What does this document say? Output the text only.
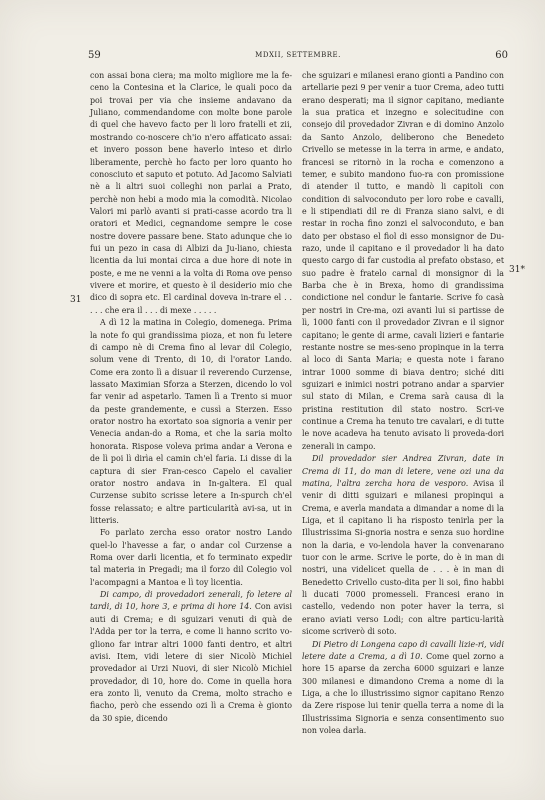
59	MDXII, SETTEMBRE.	60
31
31*

con assai bona ciera; ma molto migliore me la fe-ceno la Contesina et la Clarice, le quali poco da poi trovai per via che insieme andavano da Juliano, commendandome con molte bone parole di quel che havevo facto per li loro fratelli et zii, mostrando co-noscere ch'io n'ero affaticato assai: et invero posson bene haverlo inteso et dirlo liberamente, perchè ho facto per loro quanto ho conosciuto et saputo et potuto. Ad Jacomo Salviati nè a li altri suoi colleghi non parlai a Prato, perchè non hebi a modo mia la comodità. Nicolao Valori mi parlò avanti si prati-casse acordo tra li oratori et Medici, cegnandome sempre le cose nostre dovere passare bene. Stato adunque che io fui un pezo in casa di Albizi da Ju-liano, chiesta licentia da lui montai circa a due hore di note in poste, e me ne venni a la volta di Roma ove penso vivere et morire, et questo è il desiderio mio che dico di sopra etc. El cardinal doveva in-trare el . . . . . che era il . . . di mexe . . . . .

A dì 12 la matina in Colegio, domenega. Prima la note fo qui grandissima pioza, et non fu letere di campo nè di Crema fino al levar dil Colegio, solum vene di Trento, di 10, di l'orator Lando. Come era zonto lì a disuar il reverendo Curzense, lassato Maximian Sforza a Sterzen, dicendo lo vol far venir ad aspetarlo. Tamen lì a Trento si muor da peste grandemente, e cussì a Sterzen. Esso orator nostro ha exortato soa signoria a venir per Venecia andan-do a Roma, et che la saria molto honorata. Rispose voleva prima andar a Verona e de lì poi lì dirìa el camin ch'el faria. Li disse di la captura di sier Fran-cesco Capelo el cavalier orator nostro andava in In-galtera. El qual Curzense subito scrisse letere a In-spurch ch'el fosse relassato; e altre particularità avi-sa, ut in litteris.

Fo parlato zercha esso orator nostro Lando quel-lo l'havesse a far, o andar col Curzense a Roma over darli licentia, et fo terminato expedir tal materia in Pregadi; ma il forzo dil Colegio vol l'acompagni a Mantoa e lì toy licentia.

Di campo, di provedadori zenerali, fo letere al tardi, di 10, hore 3, e prima di hore 14. Con avisi auti di Crema; e di sguizari venuti di quà de l'Adda per tor la terra, e come li hanno scrito vo-gliono far intrar altri 1000 fanti dentro, et altri avisi. Item, vidi letere di sier Nicolò Michiel provedador ai Urzi Nuovi, di sier Nicolò Michiel provedador, di 10, hore do. Come in quella hora era zonto lì, venuto da Crema, molto stracho e fiacho, però che essendo ozi lì a Crema è gionto da 30 spie, dicendo

che sguizari e milanesi erano gionti a Pandino con artellarie pezi 9 per venir a tuor Crema, adeo tutti erano desperati; ma il signor capitano, mediante la sua pratica et inzegno e solecitudine con consejo dil provedador Zivran e di domino Anzolo da Santo Anzolo, deliberono che Benedeto Crivello se metesse in la terra in arme, e andato, francesi se ritornò in la rocha e comenzono a temer, e subito mandono fuo-ra con promissione di atender il tutto, e mandò li capitoli con condition di salvoconduto per loro robe e cavalli, e li stipendiati dil re di Franza siano salvi, e di restar in rocha fino zonzi el salvoconduto, e ban dato per obstaso el fiol di esso monsignor de Du-razo, unde il capitano e il provedador li ha dato questo cargo di far custodia al prefato obstaso, et suo padre è fratelo carnal di monsignor di la Barba che è in Brexa, homo di grandissima condictione nel condur le fantarie. Scrive fo casà per nostri in Cre-ma, ozi avanti lui si partisse de lì, 1000 fanti con il provedador Zivran e il signor capitano; le gente di arme, cavali lizieri e fantarie restante nostre se mes-seno propinque in la terra al loco di Santa Maria; e questa note i farano intrar 1000 somme di biava dentro; siché diti sguizari e inimici nostri potrano andar a sparvier sul stato di Milan, e Crema sarà causa di la pristina restitution dil stato nostro. Scri-ve continue a Crema ha tenuto tre cavalari, e di tutte le nove acadeva ha tenuto avisato li proveda-dori zenerali in campo.

Dil provedador sier Andrea Zivran, date in Crema di 11, do man di letere, vene ozi una da matina, l'altra zercha hora de vesporo. Avisa il venir di ditti sguizari e milanesi propinqui a Crema, e averla mandata a dimandar a nome di la Liga, et il capitano li ha risposto tenirla per la Illustrissima Si-gnoria nostra e senza suo hordine non la daria, e vo-lendola haver la convenarano tuor con le arme. Scrive le porte, do è in man di nostri, una videlicet quella de . . . è in man di Benedetto Crivello custo-dita per li soi, fino habbi li ducati 7000 promesseli. Francesi erano in castello, vedendo non poter haver la terra, si erano aviati verso Lodi; con altre particu-larità sicome scriverò di soto.

Di Pietro di Longena capo di cavalli lizie-ri, vidi letere date a Crema, a dì 10. Come quel zorno a hore 15 aparse da zercha 6000 sguizari e lanze 300 milanesi e dimandono Crema a nome di la Liga, a che lo illustrissimo signor capitano Renzo da Zere rispose lui tenir quella terra a nome di la Illustrissima Signoria e senza consentimento suo non volea darla.
